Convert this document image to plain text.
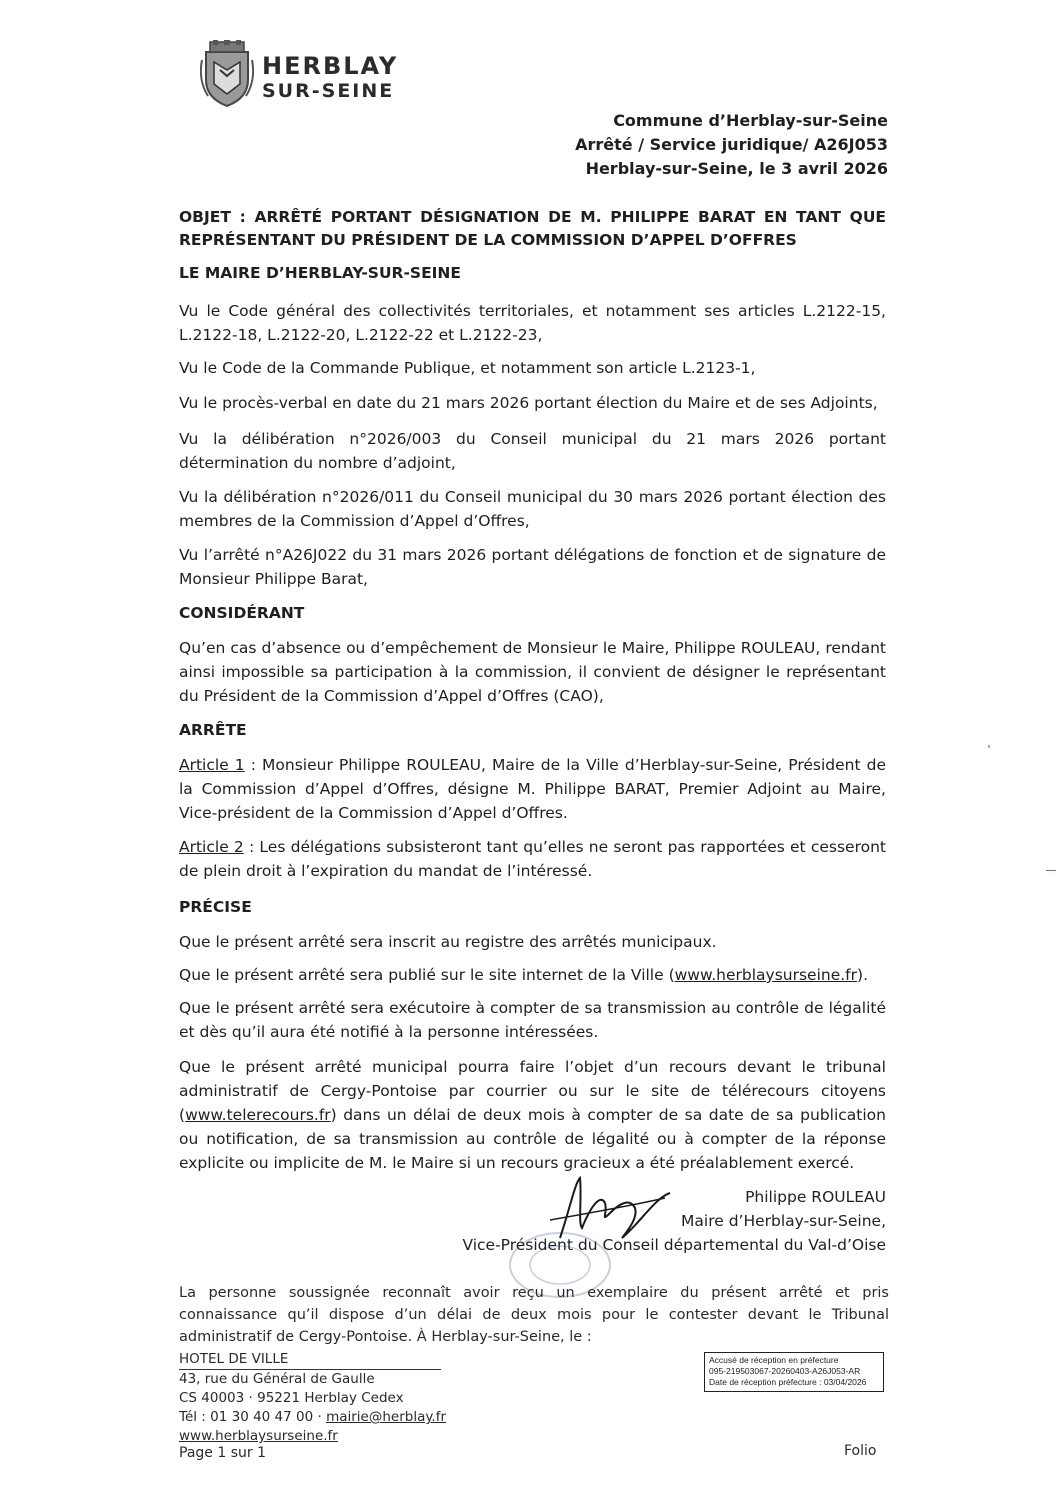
HERBLAY
SUR-SEINE
Commune d’Herblay-sur-Seine
Arrêté / Service juridique/ A26J053
Herblay-sur-Seine, le 3 avril 2026
OBJET : ARRÊTÉ PORTANT DÉSIGNATION DE M. PHILIPPE BARAT EN TANT QUE REPRÉSENTANT DU PRÉSIDENT DE LA COMMISSION D’APPEL D’OFFRES
LE MAIRE D’HERBLAY-SUR-SEINE
Vu le Code général des collectivités territoriales, et notamment ses articles L.2122-15, L.2122-18, L.2122-20, L.2122-22 et L.2122-23,
Vu le Code de la Commande Publique, et notamment son article L.2123-1,
Vu le procès-verbal en date du 21 mars 2026 portant élection du Maire et de ses Adjoints,
Vu la délibération n°2026/003 du Conseil municipal du 21 mars 2026 portant détermination du nombre d’adjoint,
Vu la délibération n°2026/011 du Conseil municipal du 30 mars 2026 portant élection des membres de la Commission d’Appel d’Offres,
Vu l’arrêté n°A26J022 du 31 mars 2026 portant délégations de fonction et de signature de Monsieur Philippe Barat,
CONSIDÉRANT
Qu’en cas d’absence ou d’empêchement de Monsieur le Maire, Philippe ROULEAU, rendant ainsi impossible sa participation à la commission, il convient de désigner le représentant du Président de la Commission d’Appel d’Offres (CAO),
ARRÊTE
Article 1 : Monsieur Philippe ROULEAU, Maire de la Ville d’Herblay-sur-Seine, Président de la Commission d’Appel d’Offres, désigne M. Philippe BARAT, Premier Adjoint au Maire, Vice-président de la Commission d’Appel d’Offres.
Article 2 : Les délégations subsisteront tant qu’elles ne seront pas rapportées et cesseront de plein droit à l’expiration du mandat de l’intéressé.
PRÉCISE
Que le présent arrêté sera inscrit au registre des arrêtés municipaux.
Que le présent arrêté sera publié sur le site internet de la Ville (www.herblaysurseine.fr).
Que le présent arrêté sera exécutoire à compter de sa transmission au contrôle de légalité et dès qu’il aura été notifié à la personne intéressées.
Que le présent arrêté municipal pourra faire l’objet d’un recours devant le tribunal administratif de Cergy-Pontoise par courrier ou sur le site de télérecours citoyens (www.telerecours.fr) dans un délai de deux mois à compter de sa date de sa publication ou notification, de sa transmission au contrôle de légalité ou à compter de la réponse explicite ou implicite de M. le Maire si un recours gracieux a été préalablement exercé.
Philippe ROULEAU
Maire d’Herblay-sur-Seine,
Vice-Président du Conseil départemental du Val-d’Oise
La personne soussignée reconnaît avoir reçu un exemplaire du présent arrêté et pris connaissance qu’il dispose d’un délai de deux mois pour le contester devant le Tribunal administratif de Cergy-Pontoise. À Herblay-sur-Seine, le :
HOTEL DE VILLE
43, rue du Général de Gaulle
CS 40003 · 95221 Herblay Cedex
Tél : 01 30 40 47 00 · mairie@herblay.fr
www.herblaysurseine.fr
Page 1 sur 1	Folio
Accusé de réception en préfecture
095-219503067-20260403-A26J053-AR
Date de réception préfecture : 03/04/2026
